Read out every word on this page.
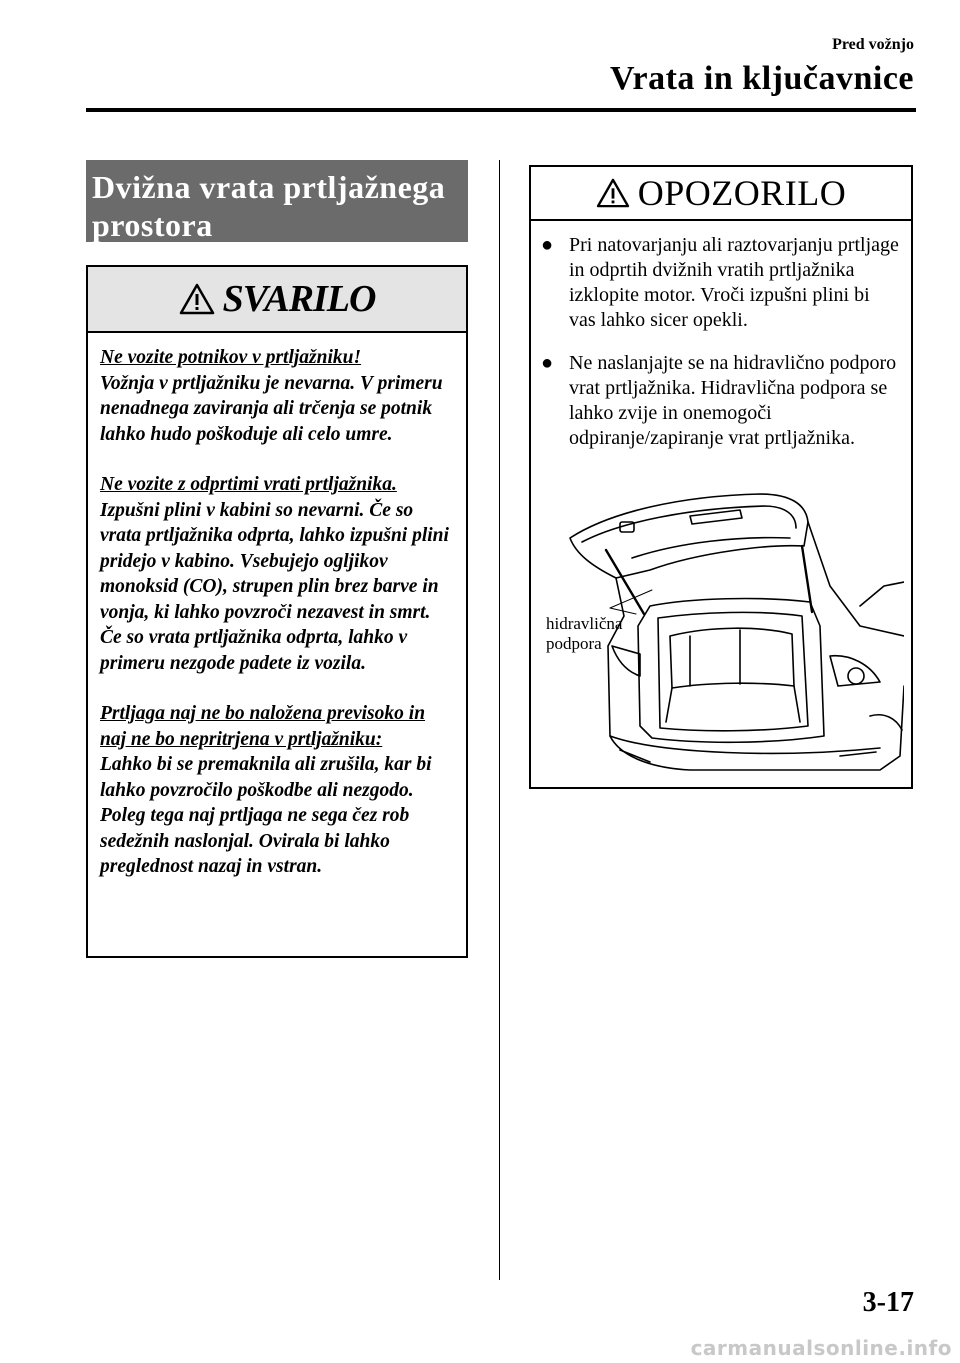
Pred vožnjo
Vrata in ključavnice
Dvižna vrata prtljažnega
prostora
SVARILO

Ne vozite potnikov v prtljažniku!
Vožnja v prtljažniku je nevarna. V primeru nenadnega zaviranja ali trčenja se potnik lahko hudo poškoduje ali celo umre.

Ne vozite z odprtimi vrati prtljažnika.
Izpušni plini v kabini so nevarni. Če so vrata prtljažnika odprta, lahko izpušni plini pridejo v kabino. Vsebujejo ogljikov monoksid (CO), strupen plin brez barve in vonja, ki lahko povzroči nezavest in smrt. Če so vrata prtljažnika odprta, lahko v primeru nezgode padete iz vozila.

Prtljaga naj ne bo naložena previsoko in naj ne bo nepritrjena v prtljažniku:
Lahko bi se premaknila ali zrušila, kar bi lahko povzročilo poškodbe ali nezgodo. Poleg tega naj prtljaga ne sega čez rob sedežnih naslonjal. Ovirala bi lahko preglednost nazaj in vstran.

OPOZORILO
● Pri natovarjanju ali raztovarjanju prtljage in odprtih dvižnih vratih prtljažnika izklopite motor. Vroči izpušni plini bi vas lahko sicer opekli.
● Ne naslanjajte se na hidravlično podporo vrat prtljažnika. Hidravlična podpora se lahko zvije in onemogoči odpiranje/zapiranje vrat prtljažnika.
hidravlična
podpora
3-17
carmanualsonline.info
